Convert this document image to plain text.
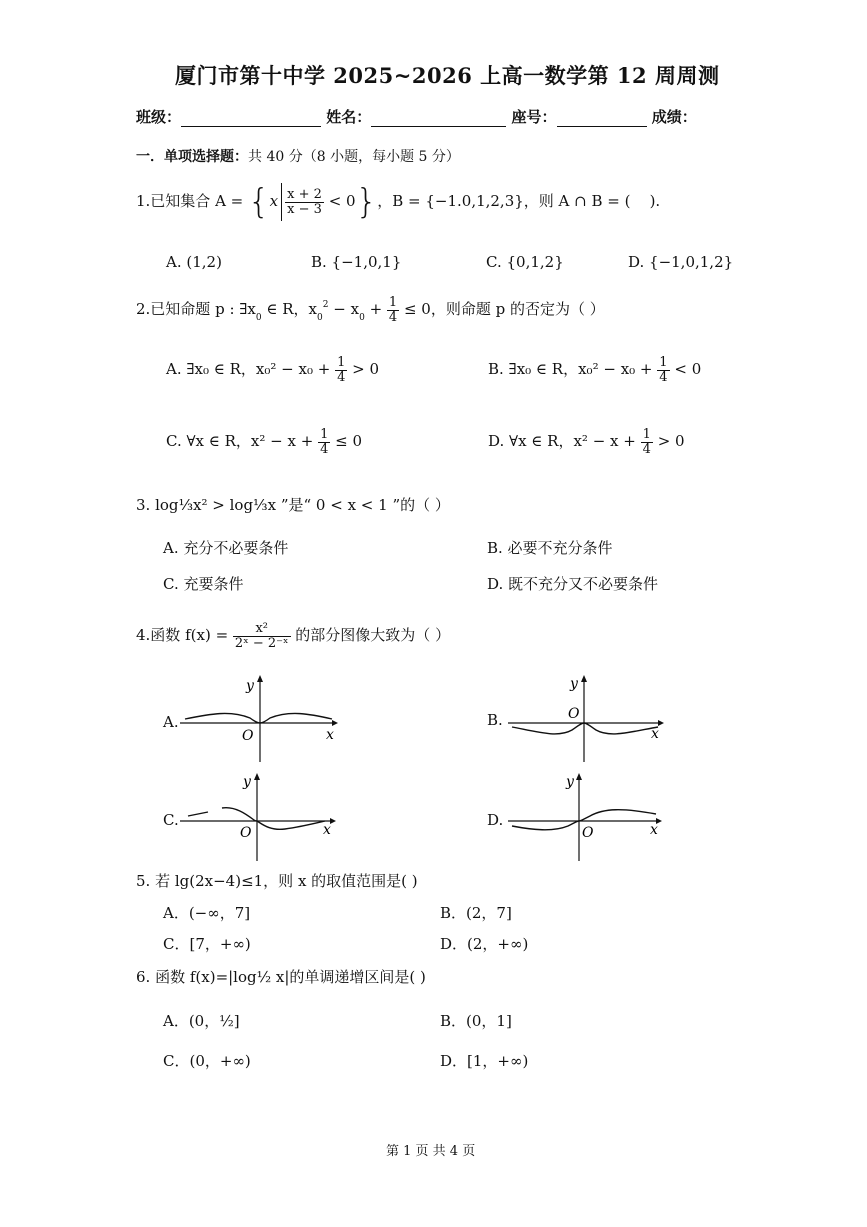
厦门市第十中学 2025~2026 上高一数学第 12 周周测
班级：	姓名：	座号：	成绩：
一．单项选择题：共 40 分（8 小题，每小题 5 分）
1.已知集合 $A = \{x \frac{x + 2}{x - 3} < 0\}$，B = {−1.0,1,2,3}，则 A ∩ B = ( ).
A. (1,2)	B. {−1,0,1}	C. {0,1,2}	D. {−1,0,1,2}
2.已知命题 p : $\exists x_0$ ∈ R，$x_0^2 - x_0 + \frac{1}{4} \le 0$，则命题 p 的否定为（ ）
A. ∃x₀ ∈ R，$x_0^2 - x_0 + \frac{1}{4} > 0$	B. ∃x₀ ∈ R，$x_0^2 - x_0 + \frac{1}{4} < 0$
C. ∀x ∈ R，$x^2 - x + \frac{1}{4} \le 0$	D. ∀x ∈ R，$x^2 - x + \frac{1}{4} > 0$
3. log⅓x² > log⅓x ”是“ 0 < x < 1 ”的（ ）
A. 充分不必要条件	B. 必要不充分条件
C. 充要条件	D. 既不充分又不必要条件
4.函数 $f(x) = \frac{\text{x²}}{\text{2ˣ − 2⁻ˣ}}$ 的部分图像大致为（ ）
A.
O	x
y
B.	O
x
y
C.
O	x
y
D.
O	x
y
5. 若 lg(2x−4)≤1，则 x 的取值范围是( )
A．(−∞，7]	B．(2，7]
C．[7，+∞)	D．(2，+∞)
6. 函数 f(x)=|log½ x|的单调递增区间是( )
A．(0，½]	B．(0，1]
C．(0，+∞)	D．[1，+∞)
第 1 页 共 4 页
